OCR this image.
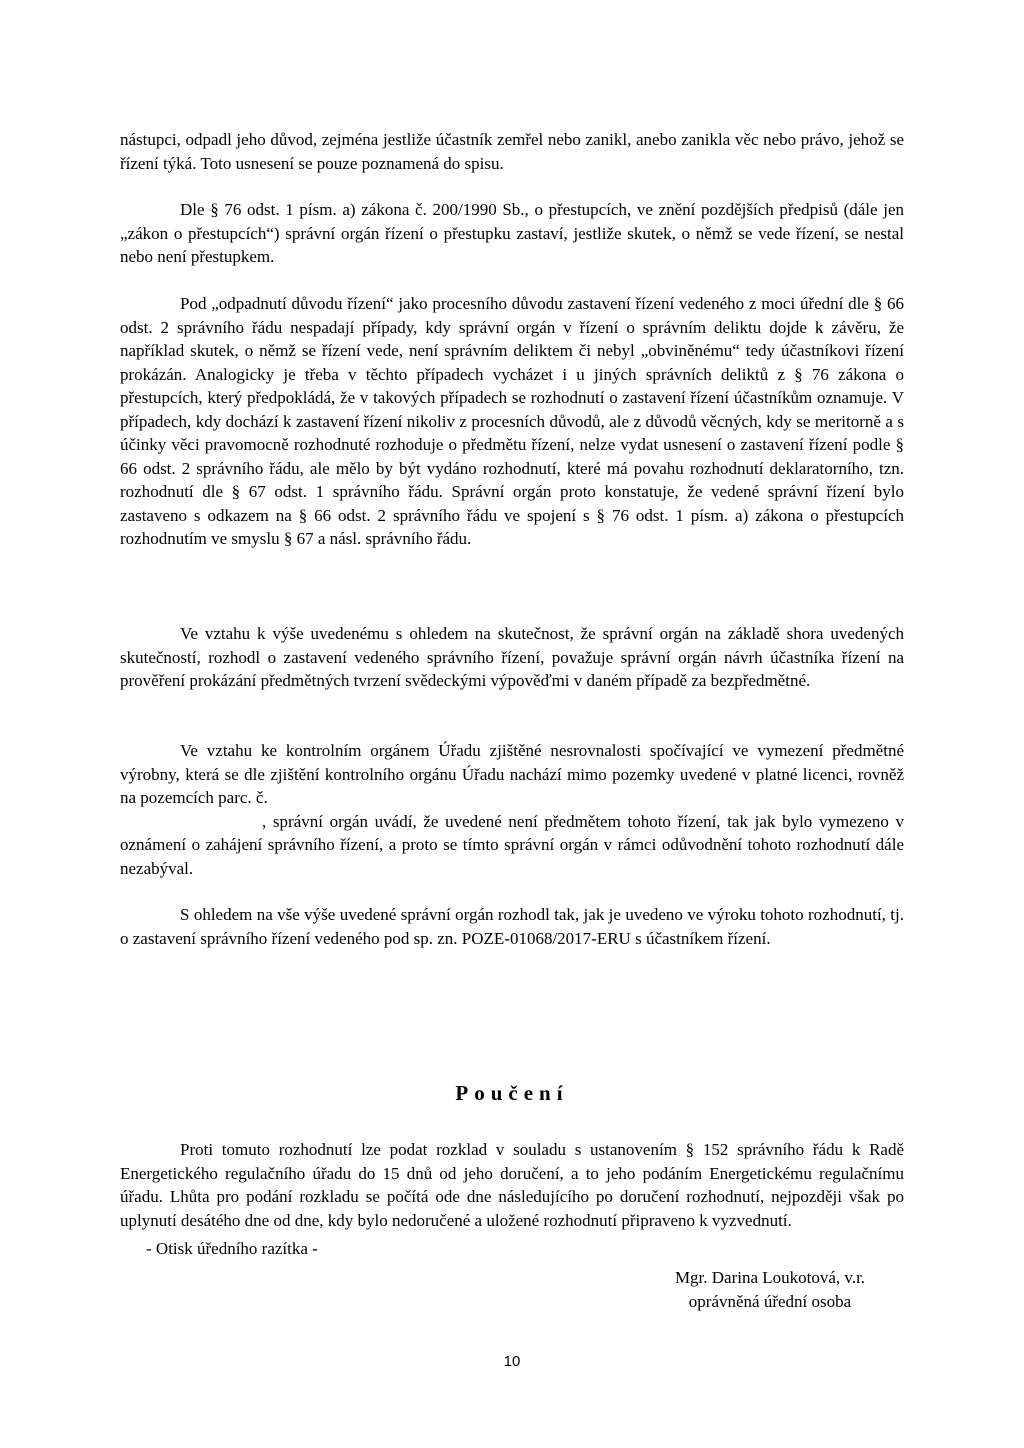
nástupci, odpadl jeho důvod, zejména jestliže účastník zemřel nebo zanikl, anebo zanikla věc nebo právo, jehož se řízení týká. Toto usnesení se pouze poznamená do spisu.

Dle § 76 odst. 1 písm. a) zákona č. 200/1990 Sb., o přestupcích, ve znění pozdějších předpisů (dále jen „zákon o přestupcích“) správní orgán řízení o přestupku zastaví, jestliže skutek, o němž se vede řízení, se nestal nebo není přestupkem.

Pod „odpadnutí důvodu řízení“ jako procesního důvodu zastavení řízení vedeného z moci úřední dle § 66 odst. 2 správního řádu nespadají případy, kdy správní orgán v řízení o správním deliktu dojde k závěru, že například skutek, o němž se řízení vede, není správním deliktem či nebyl „obviněnému“ tedy účastníkovi řízení prokázán. Analogicky je třeba v těchto případech vycházet i u jiných správních deliktů z § 76 zákona o přestupcích, který předpokládá, že v takových případech se rozhodnutí o zastavení řízení účastníkům oznamuje. V případech, kdy dochází k zastavení řízení nikoliv z procesních důvodů, ale z důvodů věcných, kdy se meritorně a s účinky věci pravomocně rozhodnuté rozhoduje o předmětu řízení, nelze vydat usnesení o zastavení řízení podle § 66 odst. 2 správního řádu, ale mělo by být vydáno rozhodnutí, které má povahu rozhodnutí deklaratorního, tzn. rozhodnutí dle § 67 odst. 1 správního řádu. Správní orgán proto konstatuje, že vedené správní řízení bylo zastaveno s odkazem na § 66 odst. 2 správního řádu ve spojení s § 76 odst. 1 písm. a) zákona o přestupcích rozhodnutím ve smyslu § 67 a násl. správního řádu.

Ve vztahu k výše uvedenému s ohledem na skutečnost, že správní orgán na základě shora uvedených skutečností, rozhodl o zastavení vedeného správního řízení, považuje správní orgán návrh účastníka řízení na prověření prokázání předmětných tvrzení svědeckými výpověďmi v daném případě za bezpředmětné.

Ve vztahu ke kontrolním orgánem Úřadu zjištěné nesrovnalosti spočívající ve vymezení předmětné výrobny, která se dle zjištění kontrolního orgánu Úřadu nachází mimo pozemky uvedené v platné licenci, rovněž na pozemcích parc. č.

, správní orgán uvádí, že uvedené není předmětem tohoto řízení, tak jak bylo vymezeno v oznámení o zahájení správního řízení, a proto se tímto správní orgán v rámci odůvodnění tohoto rozhodnutí dále nezabýval.

S ohledem na vše výše uvedené správní orgán rozhodl tak, jak je uvedeno ve výroku tohoto rozhodnutí, tj. o zastavení správního řízení vedeného pod sp. zn. POZE-01068/2017-ERU s účastníkem řízení.

Poučení

Proti tomuto rozhodnutí lze podat rozklad v souladu s ustanovením § 152 správního řádu k Radě Energetického regulačního úřadu do 15 dnů od jeho doručení, a to jeho podáním Energetickému regulačnímu úřadu. Lhůta pro podání rozkladu se počítá ode dne následujícího po doručení rozhodnutí, nejpozději však po uplynutí desátého dne od dne, kdy bylo nedoručené a uložené rozhodnutí připraveno k vyzvednutí.

- Otisk úředního razítka -

Mgr. Darina Loukotová, v.r.
oprávněná úřední osoba
10
